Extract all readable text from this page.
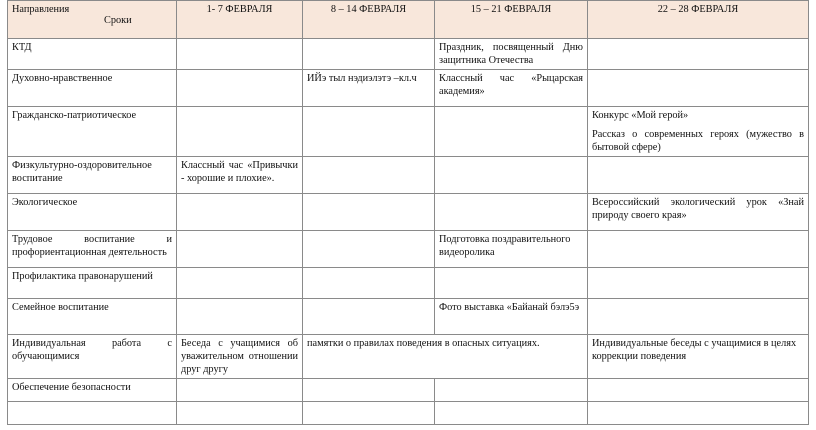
Направления
Сроки	1- 7 ФЕВРАЛЯ	8 – 14 ФЕВРАЛЯ	15 – 21 ФЕВРАЛЯ	22 – 28 ФЕВРАЛЯ
КТД			Праздник, посвященный Дню защитника Отечества	
Духовно-нравственное		ИЙэ тыл нэдиэлэтэ –кл.ч	Классный час «Рыцарская академия»	
Гражданско-патриотическое				Конкурс «Мой герой»

Рассказ о современных героях (мужество в бытовой сфере)

Физкультурно-оздоровительное воспитание	Классный час «Привычки - хорошие и плохие».			
Экологическое				Всероссийский экологический урок «Знай природу своего края»
Трудовое воспитание и профориентационная деятельность			Подготовка поздравительного видеоролика	
Профилактика правонарушений				
Семейное воспитание			Фото выставка «Байанай бэлэ5э	
Индивидуальная работа с обучающимися	Беседа с учащимися об уважительном отношении друг другу	памятки о правилах поведения в опасных ситуациях.		Индивидуальные беседы с учащимися в целях коррекции поведения
Обеспечение безопасности				
